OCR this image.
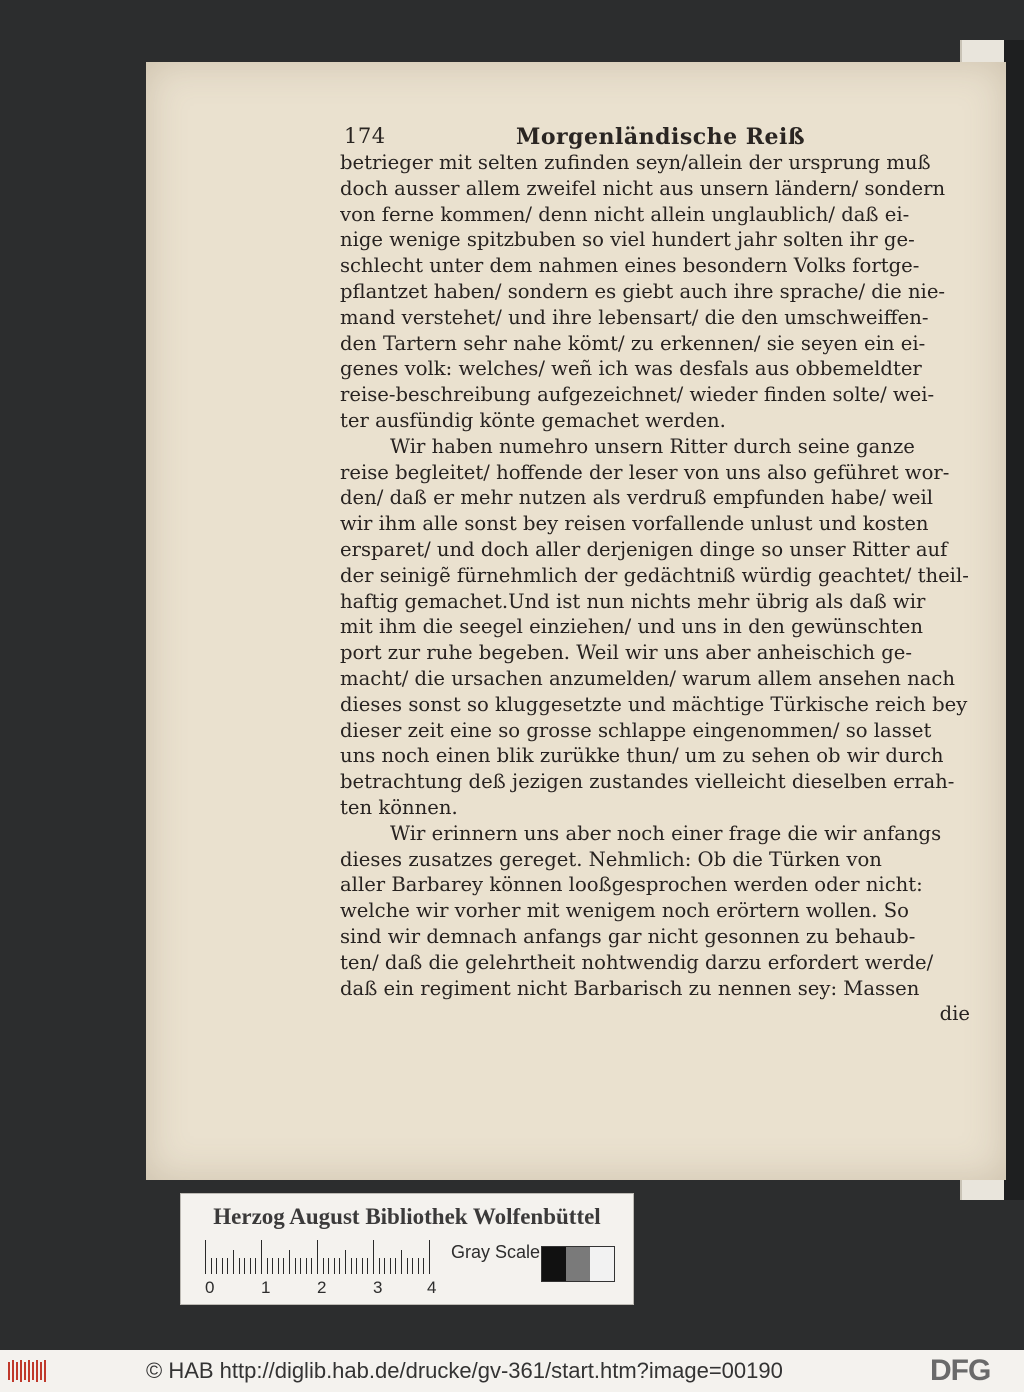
174	Morgenländische Reiß
betrieger mit selten zufinden seyn/allein der ursprung muß
doch ausser allem zweifel nicht aus unsern ländern/ sondern
von ferne kommen/ denn nicht allein unglaublich/ daß ei-
nige wenige spitzbuben so viel hundert jahr solten ihr ge-
schlecht unter dem nahmen eines besondern Volks fortge-
pflantzet haben/ sondern es giebt auch ihre sprache/ die nie-
mand verstehet/ und ihre lebensart/ die den umschweiffen-
den Tartern sehr nahe kömt/ zu erkennen/ sie seyen ein ei-
genes volk: welches/ weñ ich was desfals aus obbemeldter
reise-beschreibung aufgezeichnet/ wieder finden solte/ wei-
ter ausfündig könte gemachet werden.
Wir haben numehro unsern Ritter durch seine ganze
reise begleitet/ hoffende der leser von uns also geführet wor-
den/ daß er mehr nutzen als verdruß empfunden habe/ weil
wir ihm alle sonst bey reisen vorfallende unlust und kosten
ersparet/ und doch aller derjenigen dinge so unser Ritter auf
der seinigẽ fürnehmlich der gedächtniß würdig geachtet/ theil-
haftig gemachet.Und ist nun nichts mehr übrig als daß wir
mit ihm die seegel einziehen/ und uns in den gewünschten
port zur ruhe begeben. Weil wir uns aber anheischich ge-
macht/ die ursachen anzumelden/ warum allem ansehen nach
dieses sonst so kluggesetzte und mächtige Türkische reich bey
dieser zeit eine so grosse schlappe eingenommen/ so lasset
uns noch einen blik zurükke thun/ um zu sehen ob wir durch
betrachtung deß jezigen zustandes vielleicht dieselben errah-
ten können.
Wir erinnern uns aber noch einer frage die wir anfangs
dieses zusatzes gereget. Nehmlich: Ob die Türken von
aller Barbarey können looßgesprochen werden oder nicht:
welche wir vorher mit wenigem noch erörtern wollen. So
sind wir demnach anfangs gar nicht gesonnen zu behaub-
ten/ daß die gelehrtheit nohtwendig darzu erfordert werde/
daß ein regiment nicht Barbarisch zu nennen sey: Massen
die
Herzog August Bibliothek Wolfenbüttel
0	1	2	3	4
Gray Scale
© HAB http://diglib.hab.de/drucke/gv-361/start.htm?image=00190	DFG
